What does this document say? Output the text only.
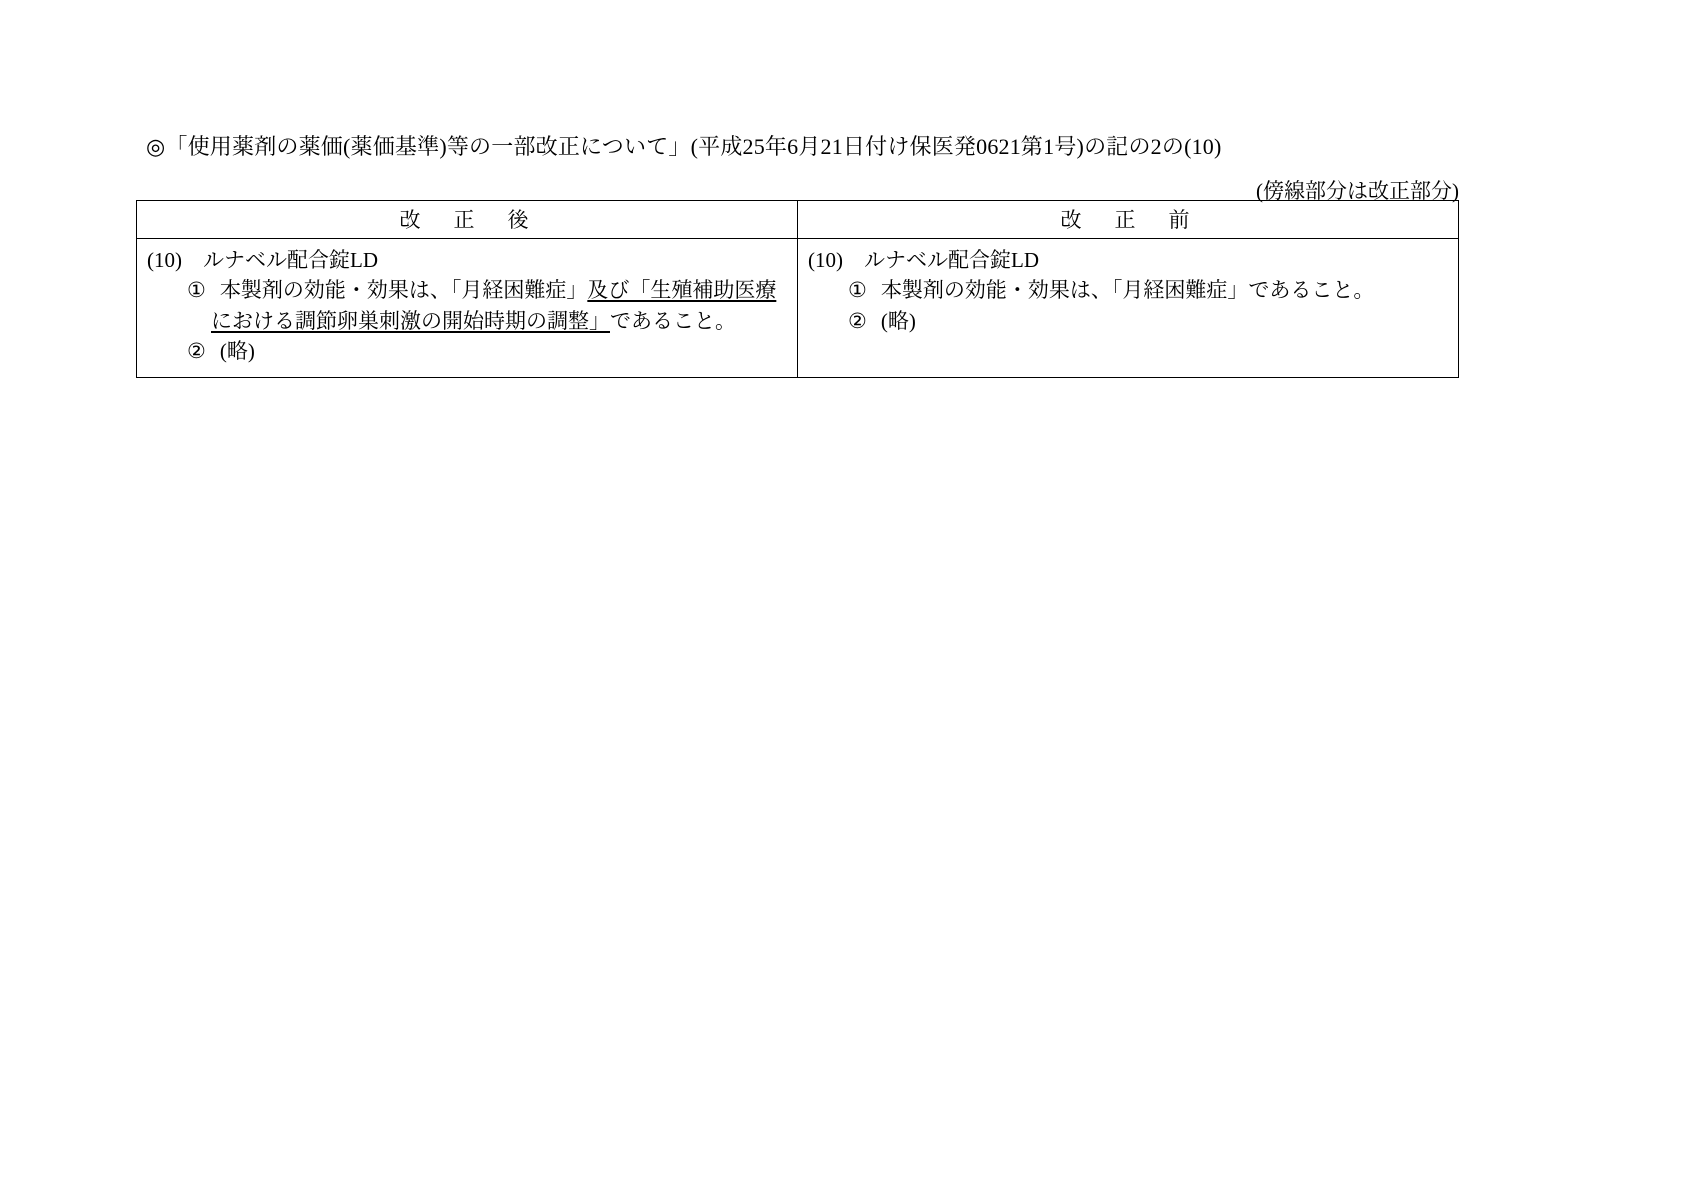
◎「使用薬剤の薬価(薬価基準)等の一部改正について」(平成25年6月21日付け保医発0621第1号)の記の2の(10)
(傍線部分は改正部分)
改　正　後	改　正　前

(10)　ルナベル配合錠LD

① 本製剤の効能・効果は、「月経困難症」及び「生殖補助医療
における調節卵巣刺激の開始時期の調整」であること。

② (略)

(10)　ルナベル配合錠LD

① 本製剤の効能・効果は、「月経困難症」であること。

② (略)
